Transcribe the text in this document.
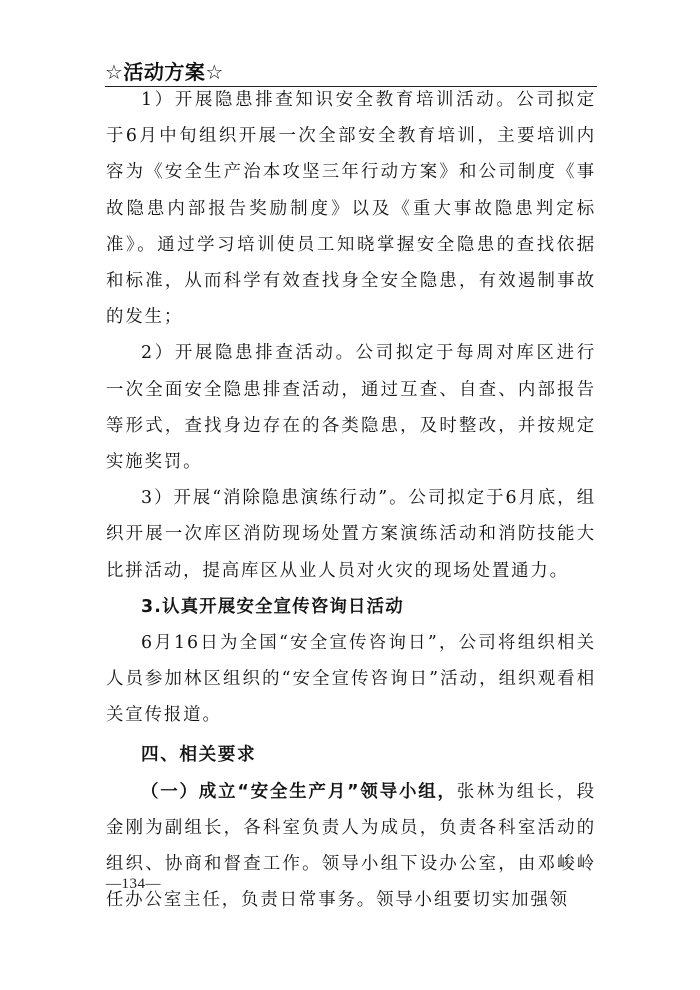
☆活动方案☆

1）开展隐患排查知识安全教育培训活动。公司拟定于6月中旬组织开展一次全部安全教育培训，主要培训内容为《安全生产治本攻坚三年行动方案》和公司制度《事故隐患内部报告奖励制度》以及《重大事故隐患判定标准》。通过学习培训使员工知晓掌握安全隐患的查找依据和标准，从而科学有效查找身全安全隐患，有效遏制事故的发生；

2）开展隐患排查活动。公司拟定于每周对库区进行一次全面安全隐患排查活动，通过互查、自查、内部报告等形式，查找身边存在的各类隐患，及时整改，并按规定实施奖罚。

3）开展“消除隐患演练行动”。公司拟定于6月底，组织开展一次库区消防现场处置方案演练活动和消防技能大比拼活动，提高库区从业人员对火灾的现场处置通力。

3.认真开展安全宣传咨询日活动

6月16日为全国“安全宣传咨询日”，公司将组织相关人员参加林区组织的“安全宣传咨询日”活动，组织观看相关宣传报道。

四、相关要求

（一）成立“安全生产月”领导小组，张林为组长，段金刚为副组长，各科室负责人为成员，负责各科室活动的组织、协商和督查工作。领导小组下设办公室，由邓峻岭任办公室主任，负责日常事务。领导小组要切实加强领

—134—
